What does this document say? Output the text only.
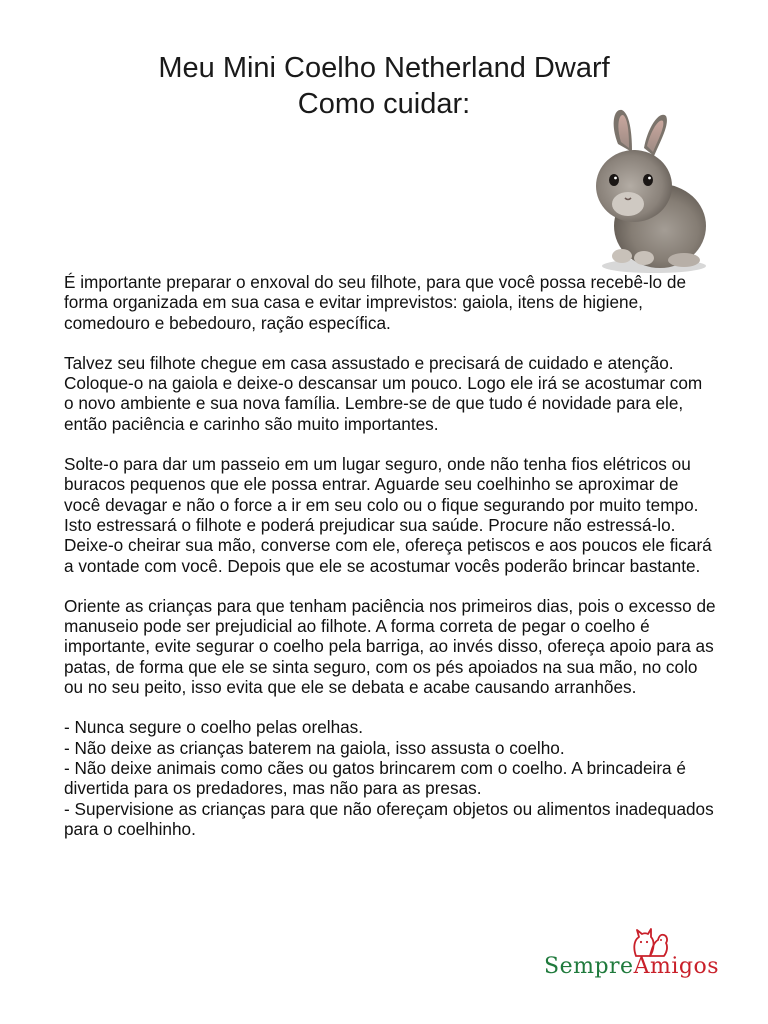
Meu Mini Coelho Netherland Dwarf
Como cuidar:

É importante preparar o enxoval do seu filhote, para que você possa recebê-lo de forma organizada em sua casa e evitar imprevistos: gaiola, itens de higiene, comedouro e bebedouro, ração específica.

Talvez seu filhote chegue em casa assustado e precisará de cuidado e atenção. Coloque-o na gaiola e deixe-o descansar um pouco. Logo ele irá se acostumar com o novo ambiente e sua nova família. Lembre-se de que tudo é novidade para ele, então paciência e carinho são muito importantes.

Solte-o para dar um passeio em um lugar seguro, onde não tenha fios elétricos ou buracos pequenos que ele possa entrar. Aguarde seu coelhinho se aproximar de você devagar e não o force a ir em seu colo ou o fique segurando por muito tempo. Isto estressará o filhote e poderá prejudicar sua saúde. Procure não estressá-lo. Deixe-o cheirar sua mão, converse com ele, ofereça petiscos e aos poucos ele ficará a vontade com você. Depois que ele se acostumar vocês poderão brincar bastante.

Oriente as crianças para que tenham paciência nos primeiros dias, pois o excesso de manuseio pode ser prejudicial ao filhote. A forma correta de pegar o coelho é importante, evite segurar o coelho pela barriga, ao invés disso, ofereça apoio para as patas, de forma que ele se sinta seguro, com os pés apoiados na sua mão, no colo ou no seu peito, isso evita que ele se debata e acabe causando arranhões.

- Nunca segure o coelho pelas orelhas.
- Não deixe as crianças baterem na gaiola, isso assusta o coelho.
- Não deixe animais como cães ou gatos brincarem com o coelho. A brincadeira é divertida para os predadores, mas não para as presas.
- Supervisione as crianças para que não ofereçam objetos ou alimentos inadequados para o coelhinho.
SempreAmigos
